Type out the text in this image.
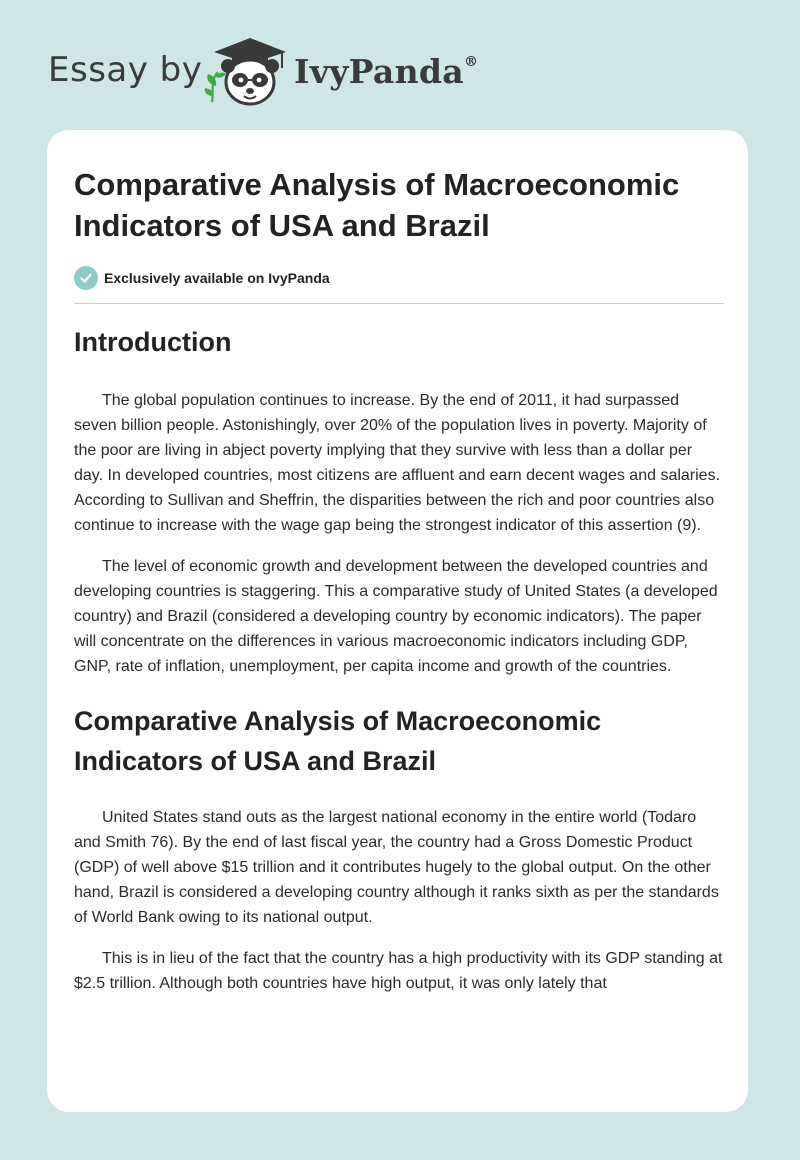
Essay by	IvyPanda®
Comparative Analysis of Macroeconomic Indicators of USA and Brazil
Exclusively available on IvyPanda
Introduction

The global population continues to increase. By the end of 2011, it had surpassed seven billion people. Astonishingly, over 20% of the population lives in poverty. Majority of the poor are living in abject poverty implying that they survive with less than a dollar per day. In developed countries, most citizens are affluent and earn decent wages and salaries. According to Sullivan and Sheffrin, the disparities between the rich and poor countries also continue to increase with the wage gap being the strongest indicator of this assertion (9).

The level of economic growth and development between the developed countries and developing countries is staggering. This a comparative study of United States (a developed country) and Brazil (considered a developing country by economic indicators). The paper will concentrate on the differences in various macroeconomic indicators including GDP, GNP, rate of inflation, unemployment, per capita income and growth of the countries.

Comparative Analysis of Macroeconomic Indicators of USA and Brazil

United States stand outs as the largest national economy in the entire world (Todaro and Smith 76). By the end of last fiscal year, the country had a Gross Domestic Product (GDP) of well above $15 trillion and it contributes hugely to the global output. On the other hand, Brazil is considered a developing country although it ranks sixth as per the standards of World Bank owing to its national output.

This is in lieu of the fact that the country has a high productivity with its GDP standing at $2.5 trillion. Although both countries have high output, it was only lately that
